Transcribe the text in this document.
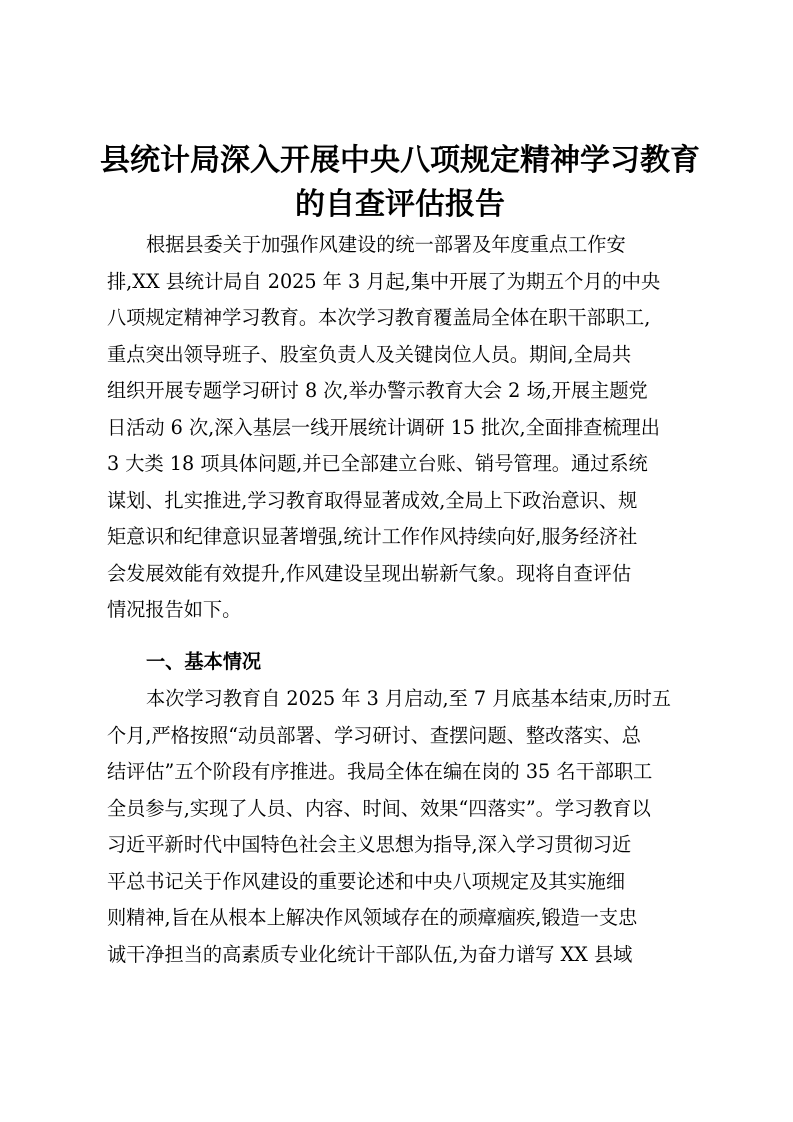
县统计局深入开展中央八项规定精神学习教育
的自查评估报告
根据县委关于加强作风建设的统一部署及年度重点工作安
排,XX 县统计局自 2025 年 3 月起,集中开展了为期五个月的中央
八项规定精神学习教育。本次学习教育覆盖局全体在职干部职工,
重点突出领导班子、股室负责人及关键岗位人员。期间,全局共
组织开展专题学习研讨 8 次,举办警示教育大会 2 场,开展主题党
日活动 6 次,深入基层一线开展统计调研 15 批次,全面排查梳理出
3 大类 18 项具体问题,并已全部建立台账、销号管理。通过系统
谋划、扎实推进,学习教育取得显著成效,全局上下政治意识、规
矩意识和纪律意识显著增强,统计工作作风持续向好,服务经济社
会发展效能有效提升,作风建设呈现出崭新气象。现将自查评估
情况报告如下。
一、基本情况
本次学习教育自 2025 年 3 月启动,至 7 月底基本结束,历时五
个月,严格按照“动员部署、学习研讨、查摆问题、整改落实、总
结评估”五个阶段有序推进。我局全体在编在岗的 35 名干部职工
全员参与,实现了人员、内容、时间、效果“四落实”。学习教育以
习近平新时代中国特色社会主义思想为指导,深入学习贯彻习近
平总书记关于作风建设的重要论述和中央八项规定及其实施细
则精神,旨在从根本上解决作风领域存在的顽瘴痼疾,锻造一支忠
诚干净担当的高素质专业化统计干部队伍,为奋力谱写 XX 县域
